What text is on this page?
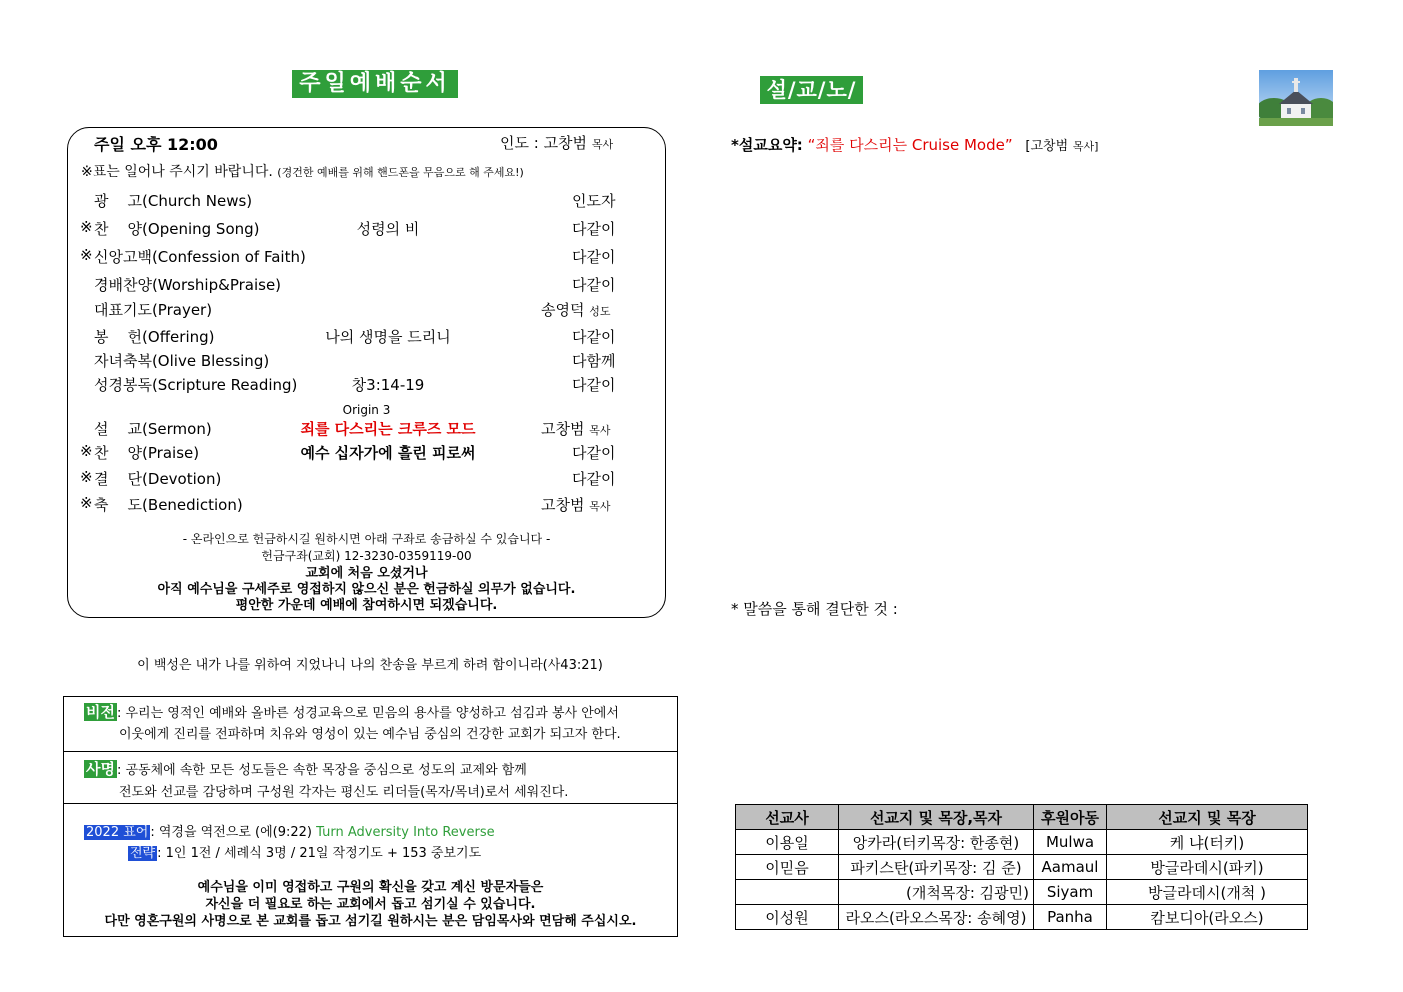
주일예배순서
주일 오후 12:00	인도 : 고창범 목사
※표는 일어나 주시기 바랍니다. (경건한 예배를 위해 핸드폰을 무음으로 해 주세요!)
광    고(Church News)	인도자
※ 찬    양(Opening Song)	성령의 비	다같이
※ 신앙고백(Confession of Faith)	다같이
경배찬양(Worship&Praise)	다같이
대표기도(Prayer)	송영덕 성도
봉    헌(Offering)	나의 생명을 드리니	다같이
자녀축복(Olive Blessing)	다함께
성경봉독(Scripture Reading)	창3:14-19	다같이
설    교(Sermon)	죄를 다스리는 크루즈 모드	고창범 목사
※ 찬    양(Praise)	예수 십자가에 흘린 피로써	다같이
※ 결    단(Devotion)	다같이
※ 축    도(Benediction)	고창범 목사
Origin 3
- 온라인으로 헌금하시길 원하시면 아래 구좌로 송금하실 수 있습니다 -
헌금구좌(교회) 12-3230-0359119-00
교회에 처음 오셨거나
아직 예수님을 구세주로 영접하지 않으신 분은 헌금하실 의무가 없습니다.
평안한 가운데 예배에 참여하시면 되겠습니다.
이 백성은 내가 나를 위하여 지었나니 나의 찬송을 부르게 하려 함이니라(사43:21)
비전 : 우리는 영적인 예배와 올바른 성경교육으로 믿음의 용사를 양성하고 섬김과 봉사 안에서
이웃에게 진리를 전파하며 치유와 영성이 있는 예수님 중심의 건강한 교회가 되고자 한다.
사명 : 공동체에 속한 모든 성도들은 속한 목장을 중심으로 성도의 교제와 함께
전도와 선교를 감당하며 구성원 각자는 평신도 리더들(목자/목녀)로서 세워진다.
2022 표어 : 역경을 역전으로 (에(9:22) Turn Adversity Into Reverse
전략 : 1인 1전 / 세례식 3명 / 21일 작정기도 + 153 중보기도
예수님을 이미 영접하고 구원의 확신을 갖고 계신 방문자들은
자신을 더 필요로 하는 교회에서 돕고 섬기실 수 있습니다.
다만 영혼구원의 사명으로 본 교회를 돕고 섬기길 원하시는 분은 담임목사와 면담해 주십시오.
설/교/노/트
*설교요약: “죄를 다스리는 Cruise Mode” [고창범 목사]
* 말씀을 통해 결단한 것 :
선교사	선교지 및 목장,목자	후원아동	선교지 및 목장
이용일	앙카라(터키목장: 한종현)	Mulwa	케 냐(터키)
이믿음	파키스탄(파키목장: 김 준)	Aamaul	방글라데시(파키)
	(개척목장: 김광민)	Siyam	방글라데시(개척 )
이성원	라오스(라오스목장: 송혜영)	Panha	캄보디아(라오스)
